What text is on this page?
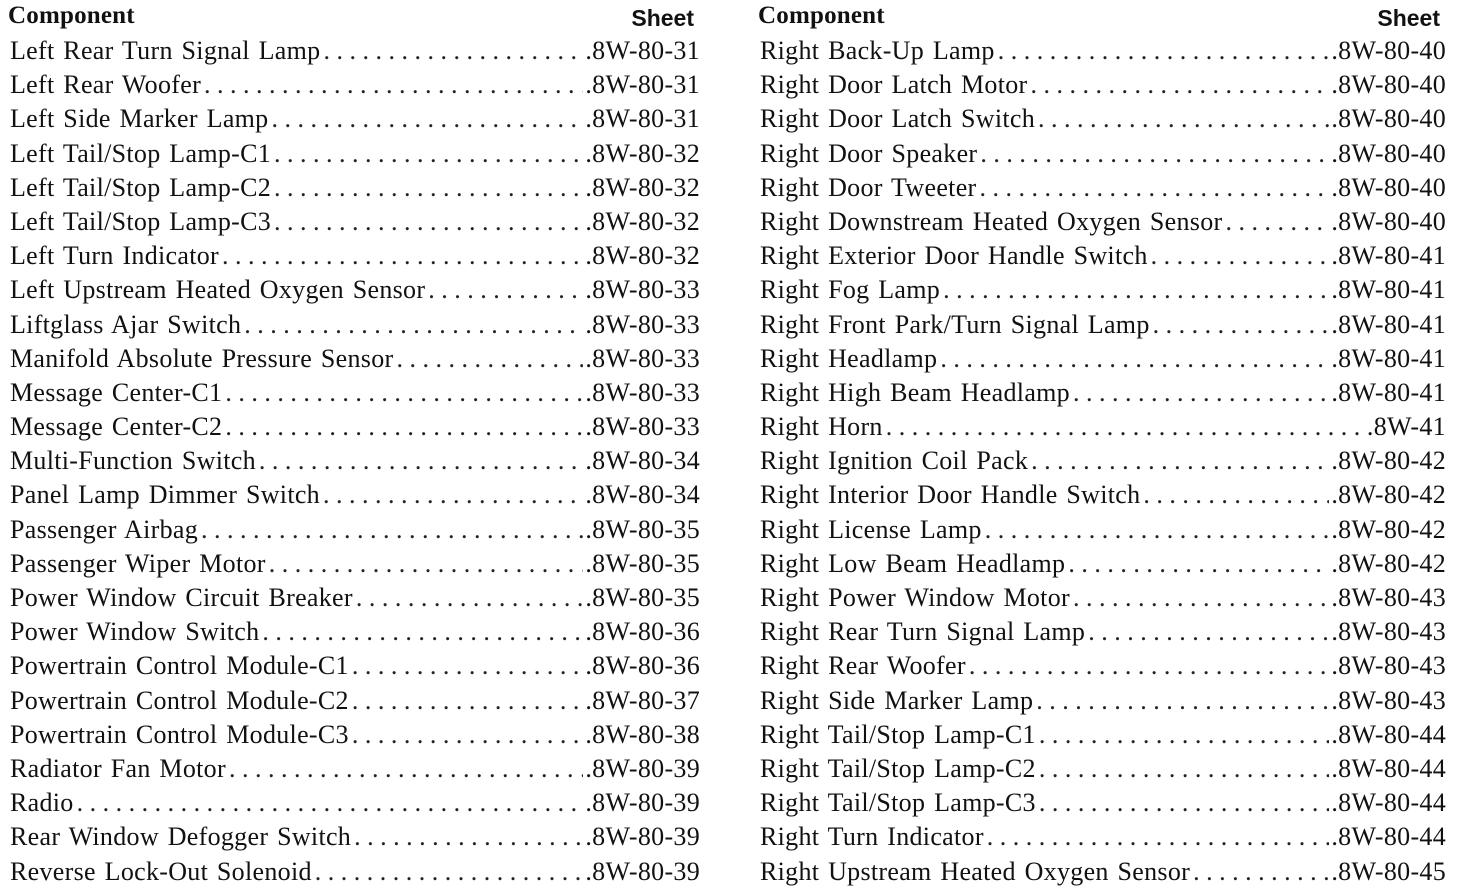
Component	Sheet
Left Rear Turn Signal Lamp . . .	.8W-80-31
Left Rear Woofer . . .	.8W-80-31
Left Side Marker Lamp . . .	.8W-80-31
Left Tail/Stop Lamp-C1 . . .	.8W-80-32
Left Tail/Stop Lamp-C2 . . .	.8W-80-32
Left Tail/Stop Lamp-C3 . . .	.8W-80-32
Left Turn Indicator . . .	.8W-80-32
Left Upstream Heated Oxygen Sensor . . .	.8W-80-33
Liftglass Ajar Switch . . .	.8W-80-33
Manifold Absolute Pressure Sensor . . .	.8W-80-33
Message Center-C1 . . .	.8W-80-33
Message Center-C2 . . .	.8W-80-33
Multi-Function Switch . . .	.8W-80-34
Panel Lamp Dimmer Switch . . .	.8W-80-34
Passenger Airbag . . .	.8W-80-35
Passenger Wiper Motor . . .	.8W-80-35
Power Window Circuit Breaker . . .	.8W-80-35
Power Window Switch . . .	.8W-80-36
Powertrain Control Module-C1 . . .	.8W-80-36
Powertrain Control Module-C2 . . .	.8W-80-37
Powertrain Control Module-C3 . . .	.8W-80-38
Radiator Fan Motor . . .	.8W-80-39
Radio . . .	.8W-80-39
Rear Window Defogger Switch . . .	.8W-80-39
Reverse Lock-Out Solenoid . . .	.8W-80-39
Component	Sheet
Right Back-Up Lamp . . .	.8W-80-40
Right Door Latch Motor . . .	.8W-80-40
Right Door Latch Switch . . .	.8W-80-40
Right Door Speaker . . .	.8W-80-40
Right Door Tweeter . . .	.8W-80-40
Right Downstream Heated Oxygen Sensor . . .	.8W-80-40
Right Exterior Door Handle Switch . . .	.8W-80-41
Right Fog Lamp . . .	.8W-80-41
Right Front Park/Turn Signal Lamp . . .	.8W-80-41
Right Headlamp . . .	.8W-80-41
Right High Beam Headlamp . . .	.8W-80-41
Right Horn . . .	.8W-41
Right Ignition Coil Pack . . .	.8W-80-42
Right Interior Door Handle Switch . . .	.8W-80-42
Right License Lamp . . .	.8W-80-42
Right Low Beam Headlamp . . .	.8W-80-42
Right Power Window Motor . . .	.8W-80-43
Right Rear Turn Signal Lamp . . .	.8W-80-43
Right Rear Woofer . . .	.8W-80-43
Right Side Marker Lamp . . .	.8W-80-43
Right Tail/Stop Lamp-C1 . . .	.8W-80-44
Right Tail/Stop Lamp-C2 . . .	.8W-80-44
Right Tail/Stop Lamp-C3 . . .	.8W-80-44
Right Turn Indicator . . .	.8W-80-44
Right Upstream Heated Oxygen Sensor . . .	.8W-80-45
